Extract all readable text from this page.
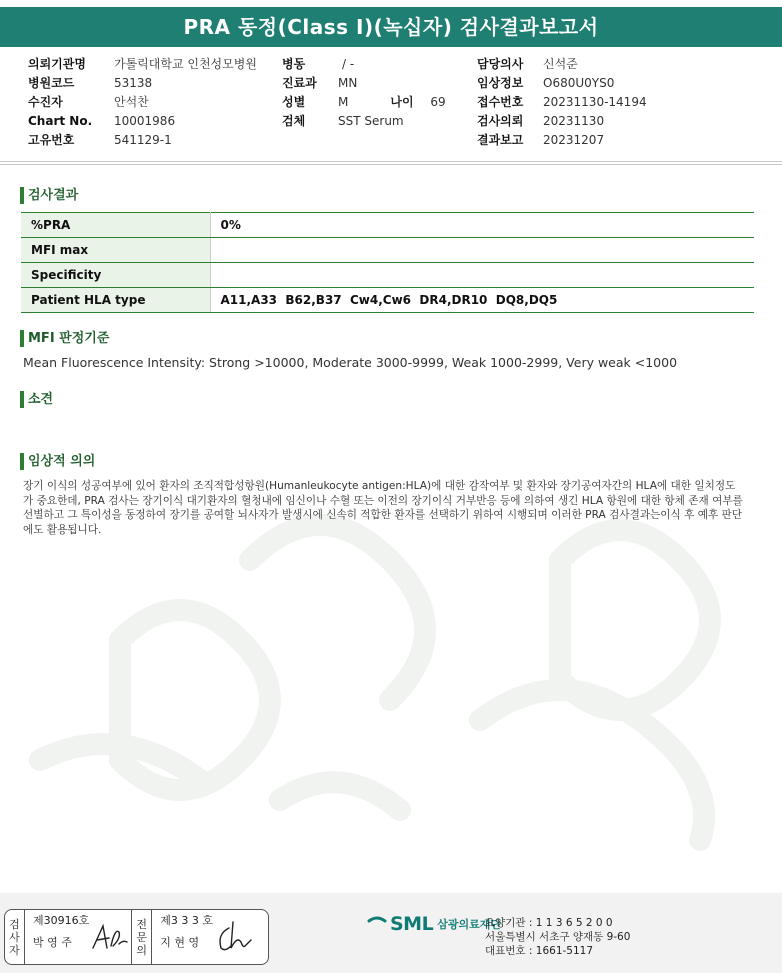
PRA 동정(Class I)(녹십자) 검사결과보고서
의뢰기관명	가톨릭대학교 인천성모병원
병원코드	53138
수진자	안석찬
Chart No.	10001986
고유번호	541129-1
병동	/ -
진료과	MN
성별	M	나이	69
검체	SST Serum
담당의사	신석준
임상정보	O680U0YS0
접수번호	20231130-14194
검사의뢰	20231130
결과보고	20231207
검사결과
%PRA	0%
MFI max	
Specificity	
Patient HLA type	A11,A33  B62,B37  Cw4,Cw6  DR4,DR10  DQ8,DQ5
MFI 판정기준
Mean Fluorescence Intensity: Strong >10000, Moderate 3000-9999, Weak 1000-2999, Very weak <1000
소견
임상적 의의
장기 이식의 성공여부에 있어 환자의 조직적합성항원(Humanleukocyte antigen:HLA)에 대한 감작여부 및 환자와 장기공여자간의 HLA에 대한 일치정도가 중요한데, PRA 검사는 장기이식 대기환자의 혈청내에 임신이나 수혈 또는 이전의 장기이식 거부반응 등에 의하여 생긴 HLA 항원에 대한 항체 존재 여부를 선별하고 그 특이성을 동정하여 장기를 공여할 뇌사자가 발생시에 신속히 적합한 환자를 선택하기 위하여 시행되며 이러한 PRA 검사결과는이식 후 예후 판단에도 활용됩니다.
검
사
자
제30916호
박 영 주
전
문
의
제3 3 3 호
지 현 영
SML 삼광의료재단
요양기관 : 1 1 3 6 5 2 0 0
서울특별시 서초구 양재동 9-60
대표번호 : 1661-5117
